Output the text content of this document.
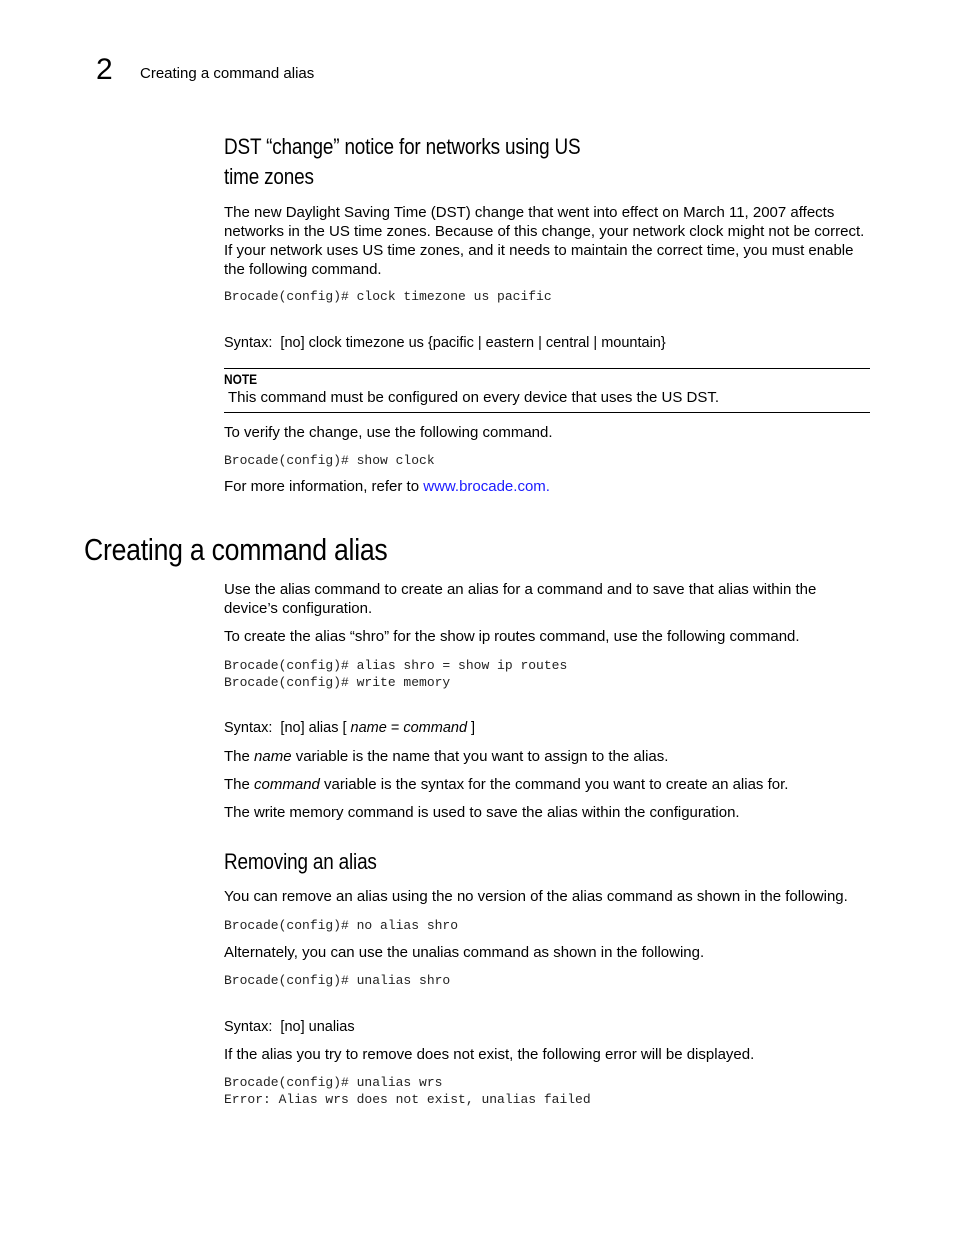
2 Creating a command alias
DST “change” notice for networks using US
time zones
The new Daylight Saving Time (DST) change that went into effect on March 11, 2007 affects networks in the US time zones. Because of this change, your network clock might not be correct. If your network uses US time zones, and it needs to maintain the correct time, you must enable the following command.
Brocade(config)# clock timezone us pacific
Syntax: [no] clock timezone us {pacific | eastern | central | mountain}
NOTE
This command must be configured on every device that uses the US DST.
To verify the change, use the following command.
Brocade(config)# show clock
For more information, refer to www.brocade.com.
Creating a command alias
Use the alias command to create an alias for a command and to save that alias within the device’s configuration.
To create the alias “shro” for the show ip routes command, use the following command.
Brocade(config)# alias shro = show ip routes
Brocade(config)# write memory
Syntax: [no] alias [ name = command ]
The name variable is the name that you want to assign to the alias.
The command variable is the syntax for the command you want to create an alias for.
The write memory command is used to save the alias within the configuration.
Removing an alias
You can remove an alias using the no version of the alias command as shown in the following.
Brocade(config)# no alias shro
Alternately, you can use the unalias command as shown in the following.
Brocade(config)# unalias shro
Syntax: [no] unalias
If the alias you try to remove does not exist, the following error will be displayed.
Brocade(config)# unalias wrs
Error: Alias wrs does not exist, unalias failed
